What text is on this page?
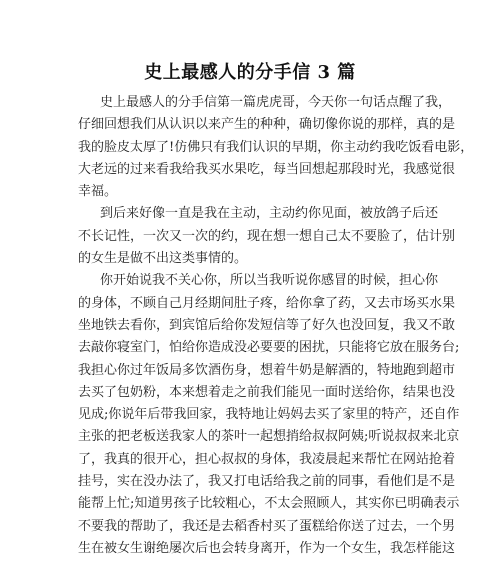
史上最感人的分手信 3 篇
史上最感人的分手信第一篇虎虎哥，今天你一句话点醒了我，
仔细回想我们从认识以来产生的种种，确切像你说的那样，真的是
我的脸皮太厚了!仿佛只有我们认识的早期，你主动约我吃饭看电影，
大老远的过来看我给我买水果吃，每当回想起那段时光，我感觉很
幸福。
到后来好像一直是我在主动，主动约你见面，被放鸽子后还
不长记性，一次又一次的约，现在想一想自己太不要脸了，估计别
的女生是做不出这类事情的。
你开始说我不关心你，所以当我听说你感冒的时候，担心你
的身体，不顾自己月经期间肚子疼，给你拿了药，又去市场买水果
坐地铁去看你，到宾馆后给你发短信等了好久也没回复，我又不敢
去敲你寝室门，怕给你造成没必要要的困扰，只能将它放在服务台;
我担心你过年饭局多饮酒伤身，想着牛奶是解酒的，特地跑到超市
去买了包奶粉，本来想着走之前我们能见一面时送给你，结果也没
见成;你说年后带我回家，我特地让妈妈去买了家里的特产，还自作
主张的把老板送我家人的茶叶一起想捎给叔叔阿姨;听说叔叔来北京
了，我真的很开心，担心叔叔的身体，我凌晨起来帮忙在网站抢着
挂号，实在没办法了，我又打电话给我之前的同事，看他们是不是
能帮上忙;知道男孩子比较粗心，不太会照顾人，其实你已明确表示
不要我的帮助了，我还是去稻香村买了蛋糕给你送了过去，一个男
生在被女生谢绝屡次后也会转身离开，作为一个女生，我怎样能这
